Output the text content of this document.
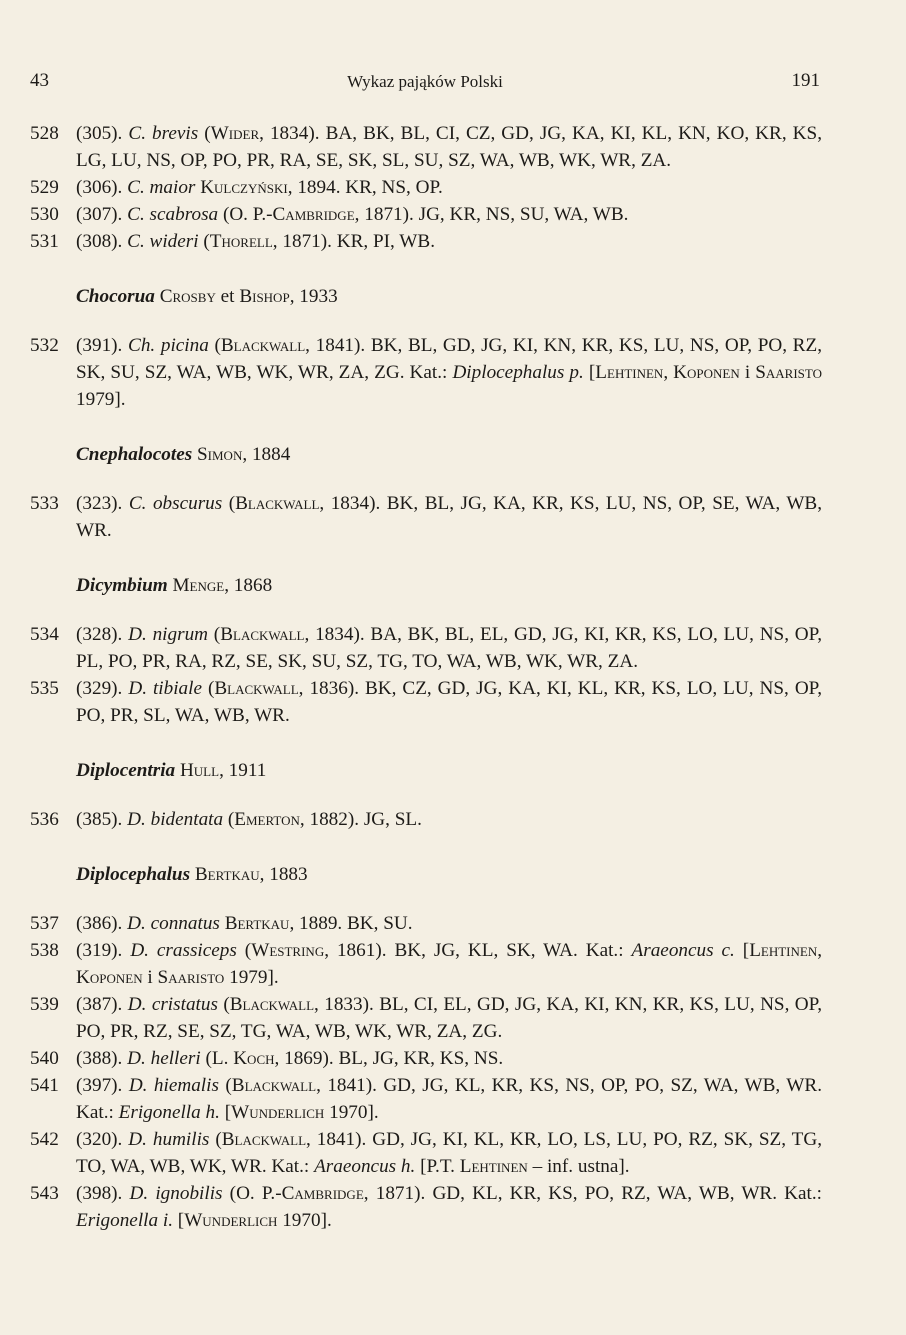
43	Wykaz pająków Polski	191
528 (305). C. brevis (Wider, 1834). BA, BK, BL, CI, CZ, GD, JG, KA, KI, KL, KN, KO, KR, KS, LG, LU, NS, OP, PO, PR, RA, SE, SK, SL, SU, SZ, WA, WB, WK, WR, ZA.
529 (306). C. maior Kulczyński, 1894. KR, NS, OP.
530 (307). C. scabrosa (O. P.-Cambridge, 1871). JG, KR, NS, SU, WA, WB.
531 (308). C. wideri (Thorell, 1871). KR, PI, WB.
Chocorua Crosby et Bishop, 1933
532 (391). Ch. picina (Blackwall, 1841). BK, BL, GD, JG, KI, KN, KR, KS, LU, NS, OP, PO, RZ, SK, SU, SZ, WA, WB, WK, WR, ZA, ZG. Kat.: Diplocephalus p. [Lehtinen, Koponen i Saaristo 1979].
Cnephalocotes Simon, 1884
533 (323). C. obscurus (Blackwall, 1834). BK, BL, JG, KA, KR, KS, LU, NS, OP, SE, WA, WB, WR.
Dicymbium Menge, 1868
534 (328). D. nigrum (Blackwall, 1834). BA, BK, BL, EL, GD, JG, KI, KR, KS, LO, LU, NS, OP, PL, PO, PR, RA, RZ, SE, SK, SU, SZ, TG, TO, WA, WB, WK, WR, ZA.
535 (329). D. tibiale (Blackwall, 1836). BK, CZ, GD, JG, KA, KI, KL, KR, KS, LO, LU, NS, OP, PO, PR, SL, WA, WB, WR.
Diplocentria Hull, 1911
536 (385). D. bidentata (Emerton, 1882). JG, SL.
Diplocephalus Bertkau, 1883
537 (386). D. connatus Bertkau, 1889. BK, SU.
538 (319). D. crassiceps (Westring, 1861). BK, JG, KL, SK, WA. Kat.: Araeoncus c. [Lehtinen, Koponen i Saaristo 1979].
539 (387). D. cristatus (Blackwall, 1833). BL, CI, EL, GD, JG, KA, KI, KN, KR, KS, LU, NS, OP, PO, PR, RZ, SE, SZ, TG, WA, WB, WK, WR, ZA, ZG.
540 (388). D. helleri (L. Koch, 1869). BL, JG, KR, KS, NS.
541 (397). D. hiemalis (Blackwall, 1841). GD, JG, KL, KR, KS, NS, OP, PO, SZ, WA, WB, WR. Kat.: Erigonella h. [Wunderlich 1970].
542 (320). D. humilis (Blackwall, 1841). GD, JG, KI, KL, KR, LO, LS, LU, PO, RZ, SK, SZ, TG, TO, WA, WB, WK, WR. Kat.: Araeoncus h. [P.T. Lehtinen – inf. ustna].
543 (398). D. ignobilis (O. P.-Cambridge, 1871). GD, KL, KR, KS, PO, RZ, WA, WB, WR. Kat.: Erigonella i. [Wunderlich 1970].
